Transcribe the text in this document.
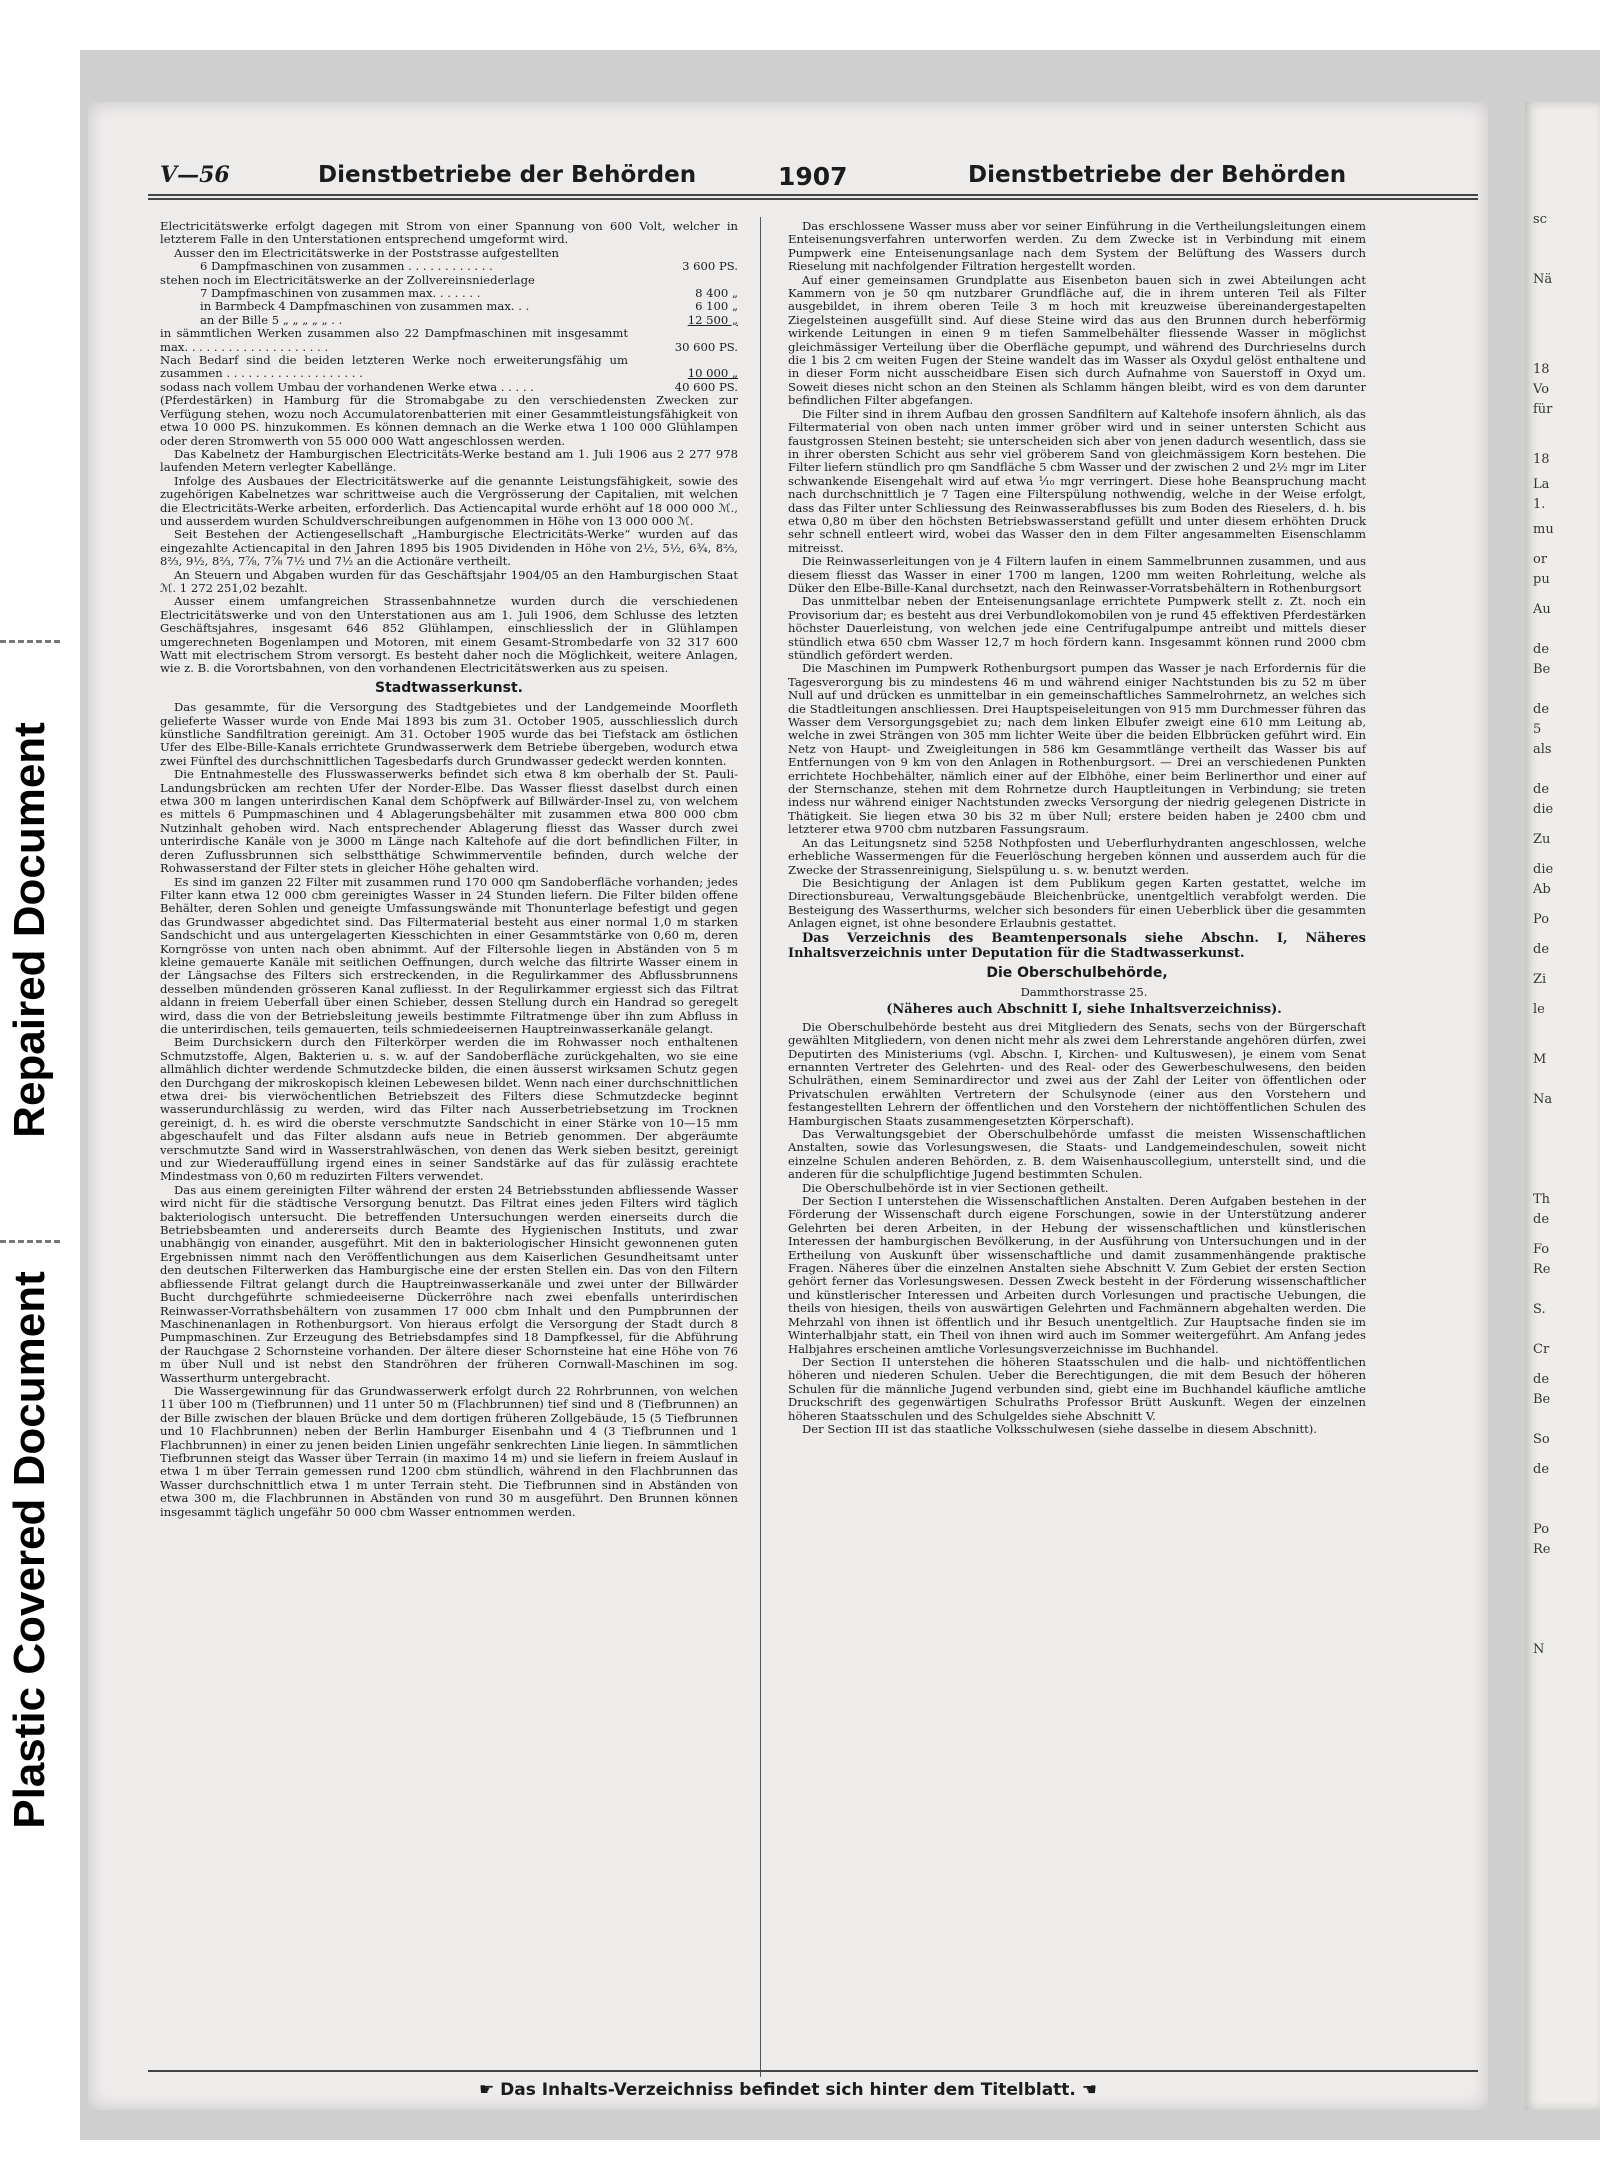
Repaired Document
Plastic Covered Document
sc
Nä
18
Vo
für
18
La
1.
mu
or
pu
Au
de
Be
de
5
als
de
die
Zu
die
Ab
Po
de
Zi
le
M
Na
Th
de
Fo
Re
S.
Cr
de
Be
So
de
Po
Re
N
V—56	Dienstbetriebe der Behörden	1907	Dienstbetriebe der Behörden

Electricitätswerke erfolgt dagegen mit Strom von einer Spannung von 600 Volt, welcher in letzterem Falle in den Unterstationen entsprechend umgeformt wird.

Ausser den im Electricitätswerke in der Poststrasse aufgestellten

6 Dampfmaschinen von zusammen . . . . . . . . . . . .	3 600 PS.
stehen noch im Electricitätswerke an der Zollvereinsniederlage
7 Dampfmaschinen von zusammen max. . . . . . .	8 400 „
in Barmbeck 4 Dampfmaschinen von zusammen max. . .	6 100 „
an der Bille 5 „ „ „ „ „ . .	12 500 „
in sämmtlichen Werken zusammen also 22 Dampfmaschinen mit insgesammt max. . . . . . . . . . . . . . . . . . . .	30 600 PS.
Nach Bedarf sind die beiden letzteren Werke noch erweiterungsfähig um zusammen . . . . . . . . . . . . . . . . . . .	10 000 „
sodass nach vollem Umbau der vorhandenen Werke etwa . . . . .	40 600 PS.

(Pferdestärken) in Hamburg für die Stromabgabe zu den verschiedensten Zwecken zur Verfügung stehen, wozu noch Accumulatorenbatterien mit einer Gesammtleistungsfähigkeit von etwa 10 000 PS. hinzukommen. Es können demnach an die Werke etwa 1 100 000 Glühlampen oder deren Stromwerth von 55 000 000 Watt angeschlossen werden.

Das Kabelnetz der Hamburgischen Electricitäts-Werke bestand am 1. Juli 1906 aus 2 277 978 laufenden Metern verlegter Kabellänge.

Infolge des Ausbaues der Electricitätswerke auf die genannte Leistungsfähigkeit, sowie des zugehörigen Kabelnetzes war schrittweise auch die Vergrösserung der Capitalien, mit welchen die Electricitäts-Werke arbeiten, erforderlich. Das Actiencapital wurde erhöht auf 18 000 000 ℳ., und ausserdem wurden Schuldverschreibungen aufgenommen in Höhe von 13 000 000 ℳ.

Seit Bestehen der Actiengesellschaft „Hamburgische Electricitäts-Werke“ wurden auf das eingezahlte Actiencapital in den Jahren 1895 bis 1905 Dividenden in Höhe von 2½, 5½, 6¾, 8⅔, 8⅔, 9½, 8⅔, 7⅞, 7⅞ 7½ und 7½ an die Actionäre vertheilt.

An Steuern und Abgaben wurden für das Geschäftsjahr 1904/05 an den Hamburgischen Staat ℳ. 1 272 251,02 bezahlt.

Ausser einem umfangreichen Strassenbahnnetze wurden durch die verschiedenen Electricitätswerke und von den Unterstationen aus am 1. Juli 1906, dem Schlusse des letzten Geschäftsjahres, insgesamt 646 852 Glühlampen, einschliesslich der in Glühlampen umgerechneten Bogenlampen und Motoren, mit einem Gesamt-Strombedarfe von 32 317 600 Watt mit electrischem Strom versorgt. Es besteht daher noch die Möglichkeit, weitere Anlagen, wie z. B. die Vorortsbahnen, von den vorhandenen Electricitätswerken aus zu speisen.

Stadtwasserkunst.

Das gesammte, für die Versorgung des Stadtgebietes und der Landgemeinde Moorfleth gelieferte Wasser wurde von Ende Mai 1893 bis zum 31. October 1905, ausschliesslich durch künstliche Sandfiltration gereinigt. Am 31. October 1905 wurde das bei Tiefstack am östlichen Ufer des Elbe-Bille-Kanals errichtete Grundwasserwerk dem Betriebe übergeben, wodurch etwa zwei Fünftel des durchschnittlichen Tagesbedarfs durch Grundwasser gedeckt werden konnten.

Die Entnahmestelle des Flusswasserwerks befindet sich etwa 8 km oberhalb der St. Pauli-Landungsbrücken am rechten Ufer der Norder-Elbe. Das Wasser fliesst daselbst durch einen etwa 300 m langen unterirdischen Kanal dem Schöpfwerk auf Billwärder-Insel zu, von welchem es mittels 6 Pumpmaschinen und 4 Ablagerungsbehälter mit zusammen etwa 800 000 cbm Nutzinhalt gehoben wird. Nach entsprechender Ablagerung fliesst das Wasser durch zwei unterirdische Kanäle von je 3000 m Länge nach Kaltehofe auf die dort befindlichen Filter, in deren Zuflussbrunnen sich selbstthätige Schwimmerventile befinden, durch welche der Rohwasserstand der Filter stets in gleicher Höhe gehalten wird.

Es sind im ganzen 22 Filter mit zusammen rund 170 000 qm Sandoberfläche vorhanden; jedes Filter kann etwa 12 000 cbm gereinigtes Wasser in 24 Stunden liefern. Die Filter bilden offene Behälter, deren Sohlen und geneigte Umfassungswände mit Thonunterlage befestigt und gegen das Grundwasser abgedichtet sind. Das Filtermaterial besteht aus einer normal 1,0 m starken Sandschicht und aus untergelagerten Kiesschichten in einer Gesammtstärke von 0,60 m, deren Korngrösse von unten nach oben abnimmt. Auf der Filtersohle liegen in Abständen von 5 m kleine gemauerte Kanäle mit seitlichen Oeffnungen, durch welche das filtrirte Wasser einem in der Längsachse des Filters sich erstreckenden, in die Regulirkammer des Abflussbrunnens desselben mündenden grösseren Kanal zufliesst. In der Regulirkammer ergiesst sich das Filtrat aldann in freiem Ueberfall über einen Schieber, dessen Stellung durch ein Handrad so geregelt wird, dass die von der Betriebsleitung jeweils bestimmte Filtratmenge über ihn zum Abfluss in die unterirdischen, teils gemauerten, teils schmiedeeisernen Hauptreinwasserkanäle gelangt.

Beim Durchsickern durch den Filterkörper werden die im Rohwasser noch enthaltenen Schmutzstoffe, Algen, Bakterien u. s. w. auf der Sandoberfläche zurückgehalten, wo sie eine allmählich dichter werdende Schmutzdecke bilden, die einen äusserst wirksamen Schutz gegen den Durchgang der mikroskopisch kleinen Lebewesen bildet. Wenn nach einer durchschnittlichen etwa drei- bis vierwöchentlichen Betriebszeit des Filters diese Schmutzdecke beginnt wasserundurchlässig zu werden, wird das Filter nach Ausserbetriebsetzung im Trocknen gereinigt, d. h. es wird die oberste verschmutzte Sandschicht in einer Stärke von 10—15 mm abgeschaufelt und das Filter alsdann aufs neue in Betrieb genommen. Der abgeräumte verschmutzte Sand wird in Wasserstrahlwäschen, von denen das Werk sieben besitzt, gereinigt und zur Wiederauffüllung irgend eines in seiner Sandstärke auf das für zulässig erachtete Mindestmass von 0,60 m reduzirten Filters verwendet.

Das aus einem gereinigten Filter während der ersten 24 Betriebsstunden abfliessende Wasser wird nicht für die städtische Versorgung benutzt. Das Filtrat eines jeden Filters wird täglich bakteriologisch untersucht. Die betreffenden Untersuchungen werden einerseits durch die Betriebsbeamten und andererseits durch Beamte des Hygienischen Instituts, und zwar unabhängig von einander, ausgeführt. Mit den in bakteriologischer Hinsicht gewonnenen guten Ergebnissen nimmt nach den Veröffentlichungen aus dem Kaiserlichen Gesundheitsamt unter den deutschen Filterwerken das Hamburgische eine der ersten Stellen ein. Das von den Filtern abfliessende Filtrat gelangt durch die Hauptreinwasserkanäle und zwei unter der Billwärder Bucht durchgeführte schmiedeeiserne Dückerröhre nach zwei ebenfalls unterirdischen Reinwasser-Vorrathsbehältern von zusammen 17 000 cbm Inhalt und den Pumpbrunnen der Maschinenanlagen in Rothenburgsort. Von hieraus erfolgt die Versorgung der Stadt durch 8 Pumpmaschinen. Zur Erzeugung des Betriebsdampfes sind 18 Dampfkessel, für die Abführung der Rauchgase 2 Schornsteine vorhanden. Der ältere dieser Schornsteine hat eine Höhe von 76 m über Null und ist nebst den Standröhren der früheren Cornwall-Maschinen im sog. Wasserthurm untergebracht.

Die Wassergewinnung für das Grundwasserwerk erfolgt durch 22 Rohrbrunnen, von welchen 11 über 100 m (Tiefbrunnen) und 11 unter 50 m (Flachbrunnen) tief sind und 8 (Tiefbrunnen) an der Bille zwischen der blauen Brücke und dem dortigen früheren Zollgebäude, 15 (5 Tiefbrunnen und 10 Flachbrunnen) neben der Berlin Hamburger Eisenbahn und 4 (3 Tiefbrunnen und 1 Flachbrunnen) in einer zu jenen beiden Linien ungefähr senkrechten Linie liegen. In sämmtlichen Tiefbrunnen steigt das Wasser über Terrain (in maximo 14 m) und sie liefern in freiem Auslauf in etwa 1 m über Terrain gemessen rund 1200 cbm stündlich, während in den Flachbrunnen das Wasser durchschnittlich etwa 1 m unter Terrain steht. Die Tiefbrunnen sind in Abständen von etwa 300 m, die Flachbrunnen in Abständen von rund 30 m ausgeführt. Den Brunnen können insgesammt täglich ungefähr 50 000 cbm Wasser entnommen werden.

Das erschlossene Wasser muss aber vor seiner Einführung in die Vertheilungsleitungen einem Enteisenungsverfahren unterworfen werden. Zu dem Zwecke ist in Verbindung mit einem Pumpwerk eine Enteisenungsanlage nach dem System der Belüftung des Wassers durch Rieselung mit nachfolgender Filtration hergestellt worden.

Auf einer gemeinsamen Grundplatte aus Eisenbeton bauen sich in zwei Abteilungen acht Kammern von je 50 qm nutzbarer Grundfläche auf, die in ihrem unteren Teil als Filter ausgebildet, in ihrem oberen Teile 3 m hoch mit kreuzweise übereinandergestapelten Ziegelsteinen ausgefüllt sind. Auf diese Steine wird das aus den Brunnen durch heberförmig wirkende Leitungen in einen 9 m tiefen Sammelbehälter fliessende Wasser in möglichst gleichmässiger Verteilung über die Oberfläche gepumpt, und während des Durchrieselns durch die 1 bis 2 cm weiten Fugen der Steine wandelt das im Wasser als Oxydul gelöst enthaltene und in dieser Form nicht ausscheidbare Eisen sich durch Aufnahme von Sauerstoff in Oxyd um. Soweit dieses nicht schon an den Steinen als Schlamm hängen bleibt, wird es von dem darunter befindlichen Filter abgefangen.

Die Filter sind in ihrem Aufbau den grossen Sandfiltern auf Kaltehofe insofern ähnlich, als das Filtermaterial von oben nach unten immer gröber wird und in seiner untersten Schicht aus faustgrossen Steinen besteht; sie unterscheiden sich aber von jenen dadurch wesentlich, dass sie in ihrer obersten Schicht aus sehr viel gröberem Sand von gleichmässigem Korn bestehen. Die Filter liefern stündlich pro qm Sandfläche 5 cbm Wasser und der zwischen 2 und 2½ mgr im Liter schwankende Eisengehalt wird auf etwa ¹⁄₁₀ mgr verringert. Diese hohe Beanspruchung macht nach durchschnittlich je 7 Tagen eine Filterspülung nothwendig, welche in der Weise erfolgt, dass das Filter unter Schliessung des Reinwasserabflusses bis zum Boden des Rieselers, d. h. bis etwa 0,80 m über den höchsten Betriebswasserstand gefüllt und unter diesem erhöhten Druck sehr schnell entleert wird, wobei das Wasser den in dem Filter angesammelten Eisenschlamm mitreisst.

Die Reinwasserleitungen von je 4 Filtern laufen in einem Sammelbrunnen zusammen, und aus diesem fliesst das Wasser in einer 1700 m langen, 1200 mm weiten Rohrleitung, welche als Düker den Elbe-Bille-Kanal durchsetzt, nach den Reinwasser-Vorratsbehältern in Rothenburgsort

Das unmittelbar neben der Enteisenungsanlage errichtete Pumpwerk stellt z. Zt. noch ein Provisorium dar; es besteht aus drei Verbundlokomobilen von je rund 45 effektiven Pferdestärken höchster Dauerleistung, von welchen jede eine Centrifugalpumpe antreibt und mittels dieser stündlich etwa 650 cbm Wasser 12,7 m hoch fördern kann. Insgesammt können rund 2000 cbm stündlich gefördert werden.

Die Maschinen im Pumpwerk Rothenburgsort pumpen das Wasser je nach Erfordernis für die Tagesverorgung bis zu mindestens 46 m und während einiger Nachtstunden bis zu 52 m über Null auf und drücken es unmittelbar in ein gemeinschaftliches Sammelrohrnetz, an welches sich die Stadtleitungen anschliessen. Drei Hauptspeiseleitungen von 915 mm Durchmesser führen das Wasser dem Versorgungsgebiet zu; nach dem linken Elbufer zweigt eine 610 mm Leitung ab, welche in zwei Strängen von 305 mm lichter Weite über die beiden Elbbrücken geführt wird. Ein Netz von Haupt- und Zweigleitungen in 586 km Gesammtlänge vertheilt das Wasser bis auf Entfernungen von 9 km von den Anlagen in Rothenburgsort. — Drei an verschiedenen Punkten errichtete Hochbehälter, nämlich einer auf der Elbhöhe, einer beim Berlinerthor und einer auf der Sternschanze, stehen mit dem Rohrnetze durch Hauptleitungen in Verbindung; sie treten indess nur während einiger Nachtstunden zwecks Versorgung der niedrig gelegenen Districte in Thätigkeit. Sie liegen etwa 30 bis 32 m über Null; erstere beiden haben je 2400 cbm und letzterer etwa 9700 cbm nutzbaren Fassungsraum.

An das Leitungsnetz sind 5258 Nothpfosten und Ueberflurhydranten angeschlossen, welche erhebliche Wassermengen für die Feuerlöschung hergeben können und ausserdem auch für die Zwecke der Strassenreinigung, Sielspülung u. s. w. benutzt werden.

Die Besichtigung der Anlagen ist dem Publikum gegen Karten gestattet, welche im Directionsbureau, Verwaltungsgebäude Bleichenbrücke, unentgeltlich verabfolgt werden. Die Besteigung des Wasserthurms, welcher sich besonders für einen Ueberblick über die gesammten Anlagen eignet, ist ohne besondere Erlaubnis gestattet.

Das Verzeichnis des Beamtenpersonals siehe Abschn. I, Näheres Inhaltsverzeichnis unter Deputation für die Stadtwasserkunst.

Die Oberschulbehörde,

Dammthorstrasse 25.

(Näheres auch Abschnitt I, siehe Inhaltsverzeichniss).

Die Oberschulbehörde besteht aus drei Mitgliedern des Senats, sechs von der Bürgerschaft gewählten Mitgliedern, von denen nicht mehr als zwei dem Lehrerstande angehören dürfen, zwei Deputirten des Ministeriums (vgl. Abschn. I, Kirchen- und Kultuswesen), je einem vom Senat ernannten Vertreter des Gelehrten- und des Real- oder des Gewerbeschulwesens, den beiden Schulräthen, einem Seminardirector und zwei aus der Zahl der Leiter von öffentlichen oder Privatschulen erwählten Vertretern der Schulsynode (einer aus den Vorstehern und festangestellten Lehrern der öffentlichen und den Vorstehern der nichtöffentlichen Schulen des Hamburgischen Staats zusammengesetzten Körperschaft).

Das Verwaltungsgebiet der Oberschulbehörde umfasst die meisten Wissenschaftlichen Anstalten, sowie das Vorlesungswesen, die Staats- und Landgemeindeschulen, soweit nicht einzelne Schulen anderen Behörden, z. B. dem Waisenhauscollegium, unterstellt sind, und die anderen für die schulpflichtige Jugend bestimmten Schulen.

Die Oberschulbehörde ist in vier Sectionen getheilt.

Der Section I unterstehen die Wissenschaftlichen Anstalten. Deren Aufgaben bestehen in der Förderung der Wissenschaft durch eigene Forschungen, sowie in der Unterstützung anderer Gelehrten bei deren Arbeiten, in der Hebung der wissenschaftlichen und künstlerischen Interessen der hamburgischen Bevölkerung, in der Ausführung von Untersuchungen und in der Ertheilung von Auskunft über wissenschaftliche und damit zusammenhängende praktische Fragen. Näheres über die einzelnen Anstalten siehe Abschnitt V. Zum Gebiet der ersten Section gehört ferner das Vorlesungswesen. Dessen Zweck besteht in der Förderung wissenschaftlicher und künstlerischer Interessen und Arbeiten durch Vorlesungen und practische Uebungen, die theils von hiesigen, theils von auswärtigen Gelehrten und Fachmännern abgehalten werden. Die Mehrzahl von ihnen ist öffentlich und ihr Besuch unentgeltlich. Zur Hauptsache finden sie im Winterhalbjahr statt, ein Theil von ihnen wird auch im Sommer weitergeführt. Am Anfang jedes Halbjahres erscheinen amtliche Vorlesungsverzeichnisse im Buchhandel.

Der Section II unterstehen die höheren Staatsschulen und die halb- und nichtöffentlichen höheren und niederen Schulen. Ueber die Berechtigungen, die mit dem Besuch der höheren Schulen für die männliche Jugend verbunden sind, giebt eine im Buchhandel käufliche amtliche Druckschrift des gegenwärtigen Schulraths Professor Brütt Auskunft. Wegen der einzelnen höheren Staatsschulen und des Schulgeldes siehe Abschnitt V.

Der Section III ist das staatliche Volksschulwesen (siehe dasselbe in diesem Abschnitt).

☛ Das Inhalts-Verzeichniss befindet sich hinter dem Titelblatt. ☚
